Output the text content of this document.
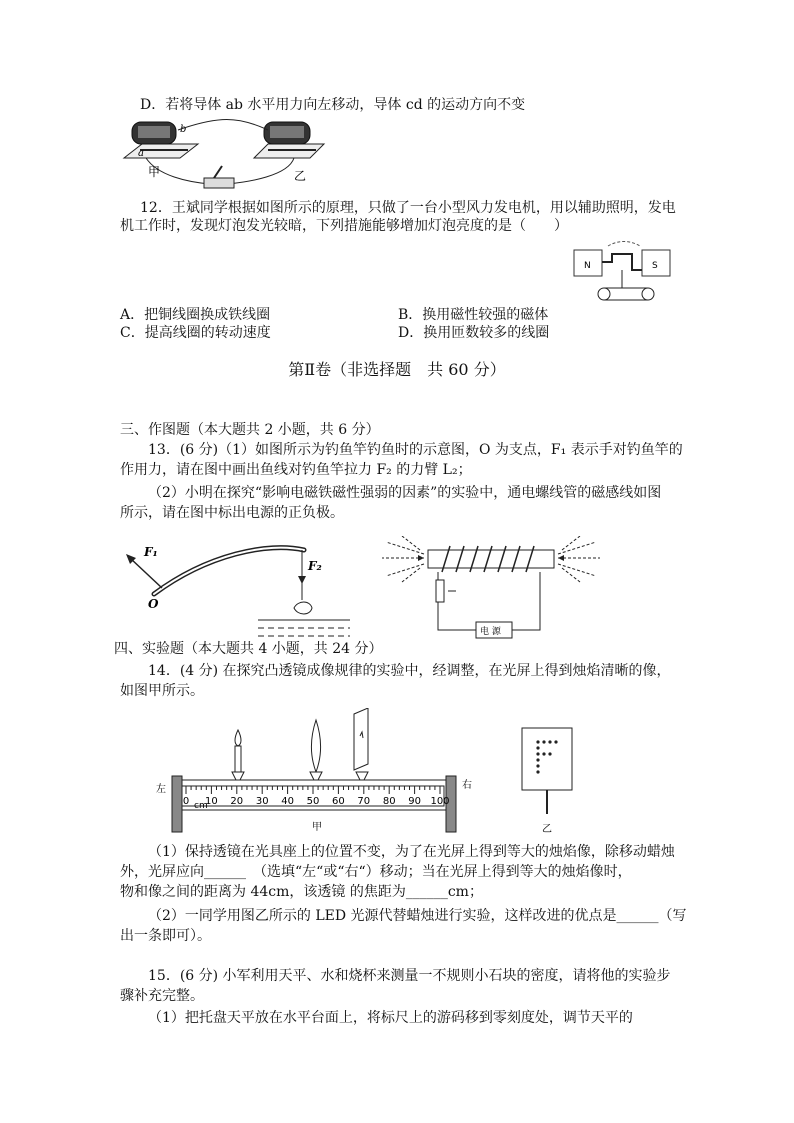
D．若将导体 ab 水平用力向左移动，导体 cd 的运动方向不变
b
a
甲	乙
12．王斌同学根据如图所示的原理，只做了一台小型风力发电机，用以辅助照明，发电
机工作时，发现灯泡发光较暗，下列措施能够增加灯泡亮度的是（　　）
N	S
A．把铜线圈换成铁线圈	B．换用磁性较强的磁体
C．提高线圈的转动速度	D．换用匝数较多的线圈
第Ⅱ卷（非选择题　共 60 分）
三、作图题（本大题共 2 小题，共 6 分）
13．(6 分)（1）如图所示为钓鱼竿钓鱼时的示意图，O 为支点，F₁ 表示手对钓鱼竿的
作用力，请在图中画出鱼线对钓鱼竿拉力 F₂ 的力臂 L₂；
（2）小明在探究“影响电磁铁磁性强弱的因素”的实验中，通电螺线管的磁感线如图
所示，请在图中标出电源的正负极。
F₁
F₂
O
电 源
四、实验题（本大题共 4 小题，共 24 分）
14．(4 分) 在探究凸透镜成像规律的实验中，经调整，在光屏上得到烛焰清晰的像，
如图甲所示。
0 10 20 30 40 50 60 70 80 90 100
左	右
cm
甲	乙
（1）保持透镜在光具座上的位置不变，为了在光屏上得到等大的烛焰像，除移动蜡烛
外，光屏应向______　（选填“左“或“右“）移动；当在光屏上得到等大的烛焰像时，
物和像之间的距离为 44cm，该透镜 的焦距为______cm；
（2）一同学用图乙所示的 LED 光源代替蜡烛进行实验，这样改进的优点是______（写
出一条即可）。
15．(6 分) 小军利用天平、水和烧杯来测量一不规则小石块的密度，请将他的实验步
骤补充完整。
（1）把托盘天平放在水平台面上，将标尺上的游码移到零刻度处，调节天平的
